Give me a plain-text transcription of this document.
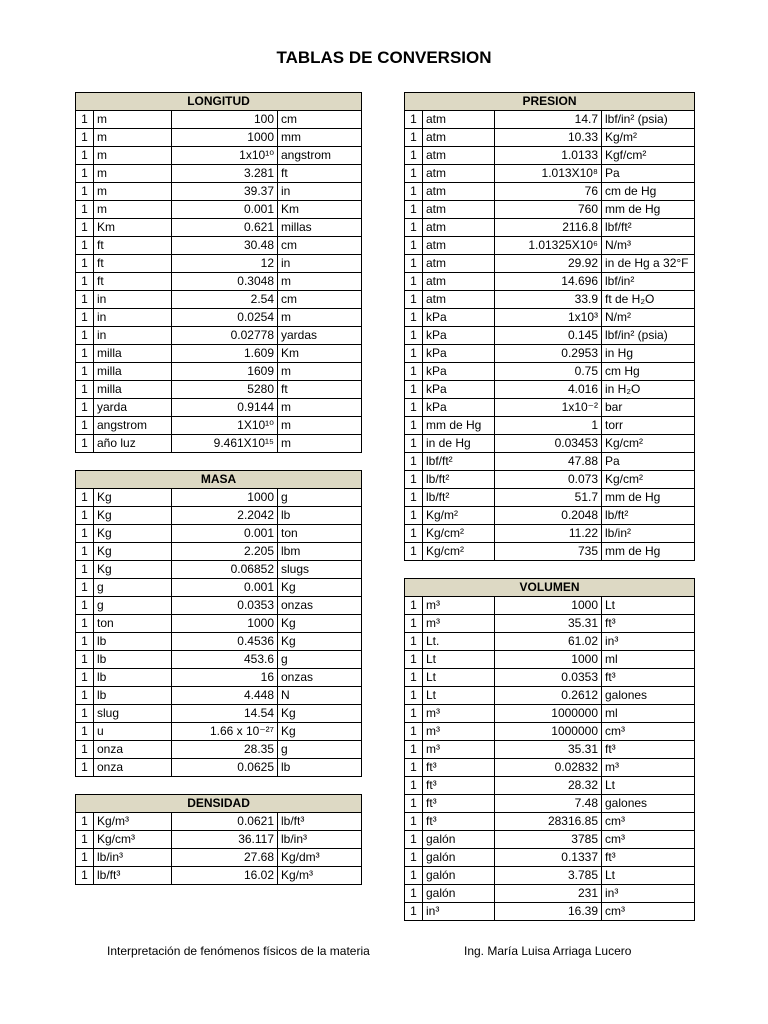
TABLAS DE CONVERSION
LONGITUD			
1	m	100	cm
1	m	1000	mm
1	m	1x10¹⁰	angstrom
1	m	3.281	ft
1	m	39.37	in
1	m	0.001	Km
1	Km	0.621	millas
1	ft	30.48	cm
1	ft	12	in
1	ft	0.3048	m
1	in	2.54	cm
1	in	0.0254	m
1	in	0.02778	yardas
1	milla	1.609	Km
1	milla	1609	m
1	milla	5280	ft
1	yarda	0.9144	m
1	angstrom	1X10¹⁰	m
1	año luz	9.461X10¹⁵	m
MASA			
1	Kg	1000	g
1	Kg	2.2042	lb
1	Kg	0.001	ton
1	Kg	2.205	lbm
1	Kg	0.06852	slugs
1	g	0.001	Kg
1	g	0.0353	onzas
1	ton	1000	Kg
1	lb	0.4536	Kg
1	lb	453.6	g
1	lb	16	onzas
1	lb	4.448	N
1	slug	14.54	Kg
1	u	1.66 x 10⁻²⁷	Kg
1	onza	28.35	g
1	onza	0.0625	lb
DENSIDAD			
1	Kg/m³	0.0621	lb/ft³
1	Kg/cm³	36.117	lb/in³
1	lb/in³	27.68	Kg/dm³
1	lb/ft³	16.02	Kg/m³
PRESION			
1	atm	14.7	lbf/in² (psia)
1	atm	10.33	Kg/m²
1	atm	1.0133	Kgf/cm²
1	atm	1.013X10⁸	Pa
1	atm	76	cm de Hg
1	atm	760	mm de Hg
1	atm	2116.8	lbf/ft²
1	atm	1.01325X10⁶	N/m³
1	atm	29.92	in de Hg a 32°F
1	atm	14.696	lbf/in²
1	atm	33.9	ft de H₂O
1	kPa	1x10³	N/m²
1	kPa	0.145	lbf/in² (psia)
1	kPa	0.2953	in Hg
1	kPa	0.75	cm Hg
1	kPa	4.016	in H₂O
1	kPa	1x10⁻²	bar
1	mm de Hg	1	torr
1	in de Hg	0.03453	Kg/cm²
1	lbf/ft²	47.88	Pa
1	lb/ft²	0.073	Kg/cm²
1	lb/ft²	51.7	mm de Hg
1	Kg/m²	0.2048	lb/ft²
1	Kg/cm²	11.22	lb/in²
1	Kg/cm²	735	mm de Hg
VOLUMEN			
1	m³	1000	Lt
1	m³	35.31	ft³
1	Lt.	61.02	in³
1	Lt	1000	ml
1	Lt	0.0353	ft³
1	Lt	0.2612	galones
1	m³	1000000	ml
1	m³	1000000	cm³
1	m³	35.31	ft³
1	ft³	0.02832	m³
1	ft³	28.32	Lt
1	ft³	7.48	galones
1	ft³	28316.85	cm³
1	galón	3785	cm³
1	galón	0.1337	ft³
1	galón	3.785	Lt
1	galón	231	in³
1	in³	16.39	cm³
Interpretación de fenómenos físicos de la materia	Ing. María Luisa Arriaga Lucero
